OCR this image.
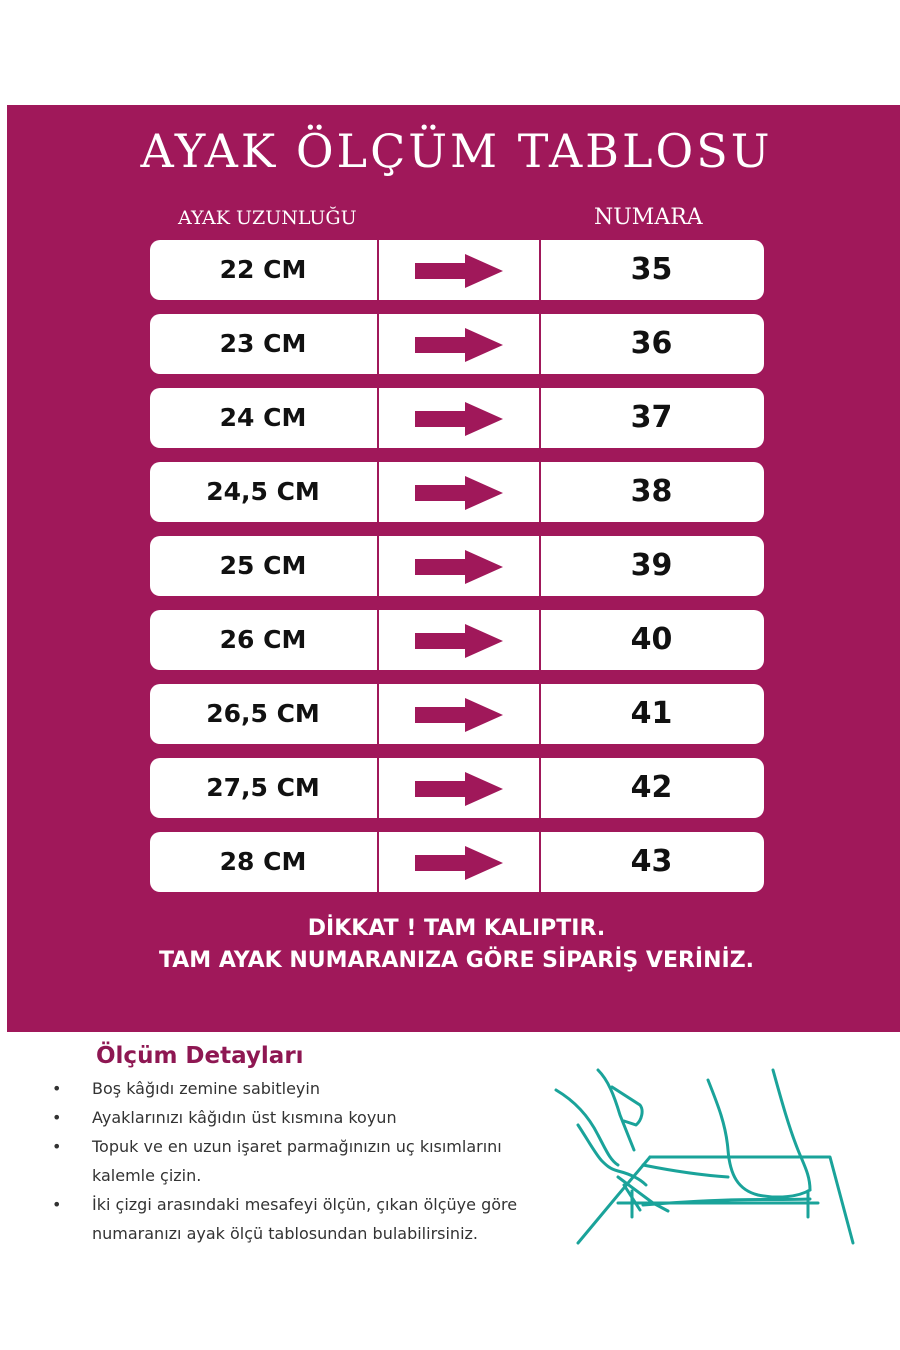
AYAK ÖLÇÜM TABLOSU
AYAK UZUNLUĞU	NUMARA
22 CM	35
23 CM	36
24 CM	37
24,5 CM	38
25 CM	39
26 CM	40
26,5 CM	41
27,5 CM	42
28 CM	43
DİKKAT ! TAM KALIPTIR.
TAM AYAK NUMARANIZA GÖRE SİPARİŞ VERİNİZ.
Ölçüm Detayları
• Boş kâğıdı zemine sabitleyin
• Ayaklarınızı kâğıdın üst kısmına koyun
• Topuk ve en uzun işaret parmağınızın uç kısımlarını kalemle çizin.
• İki çizgi arasındaki mesafeyi ölçün, çıkan ölçüye göre numaranızı ayak ölçü tablosundan bulabilirsiniz.
